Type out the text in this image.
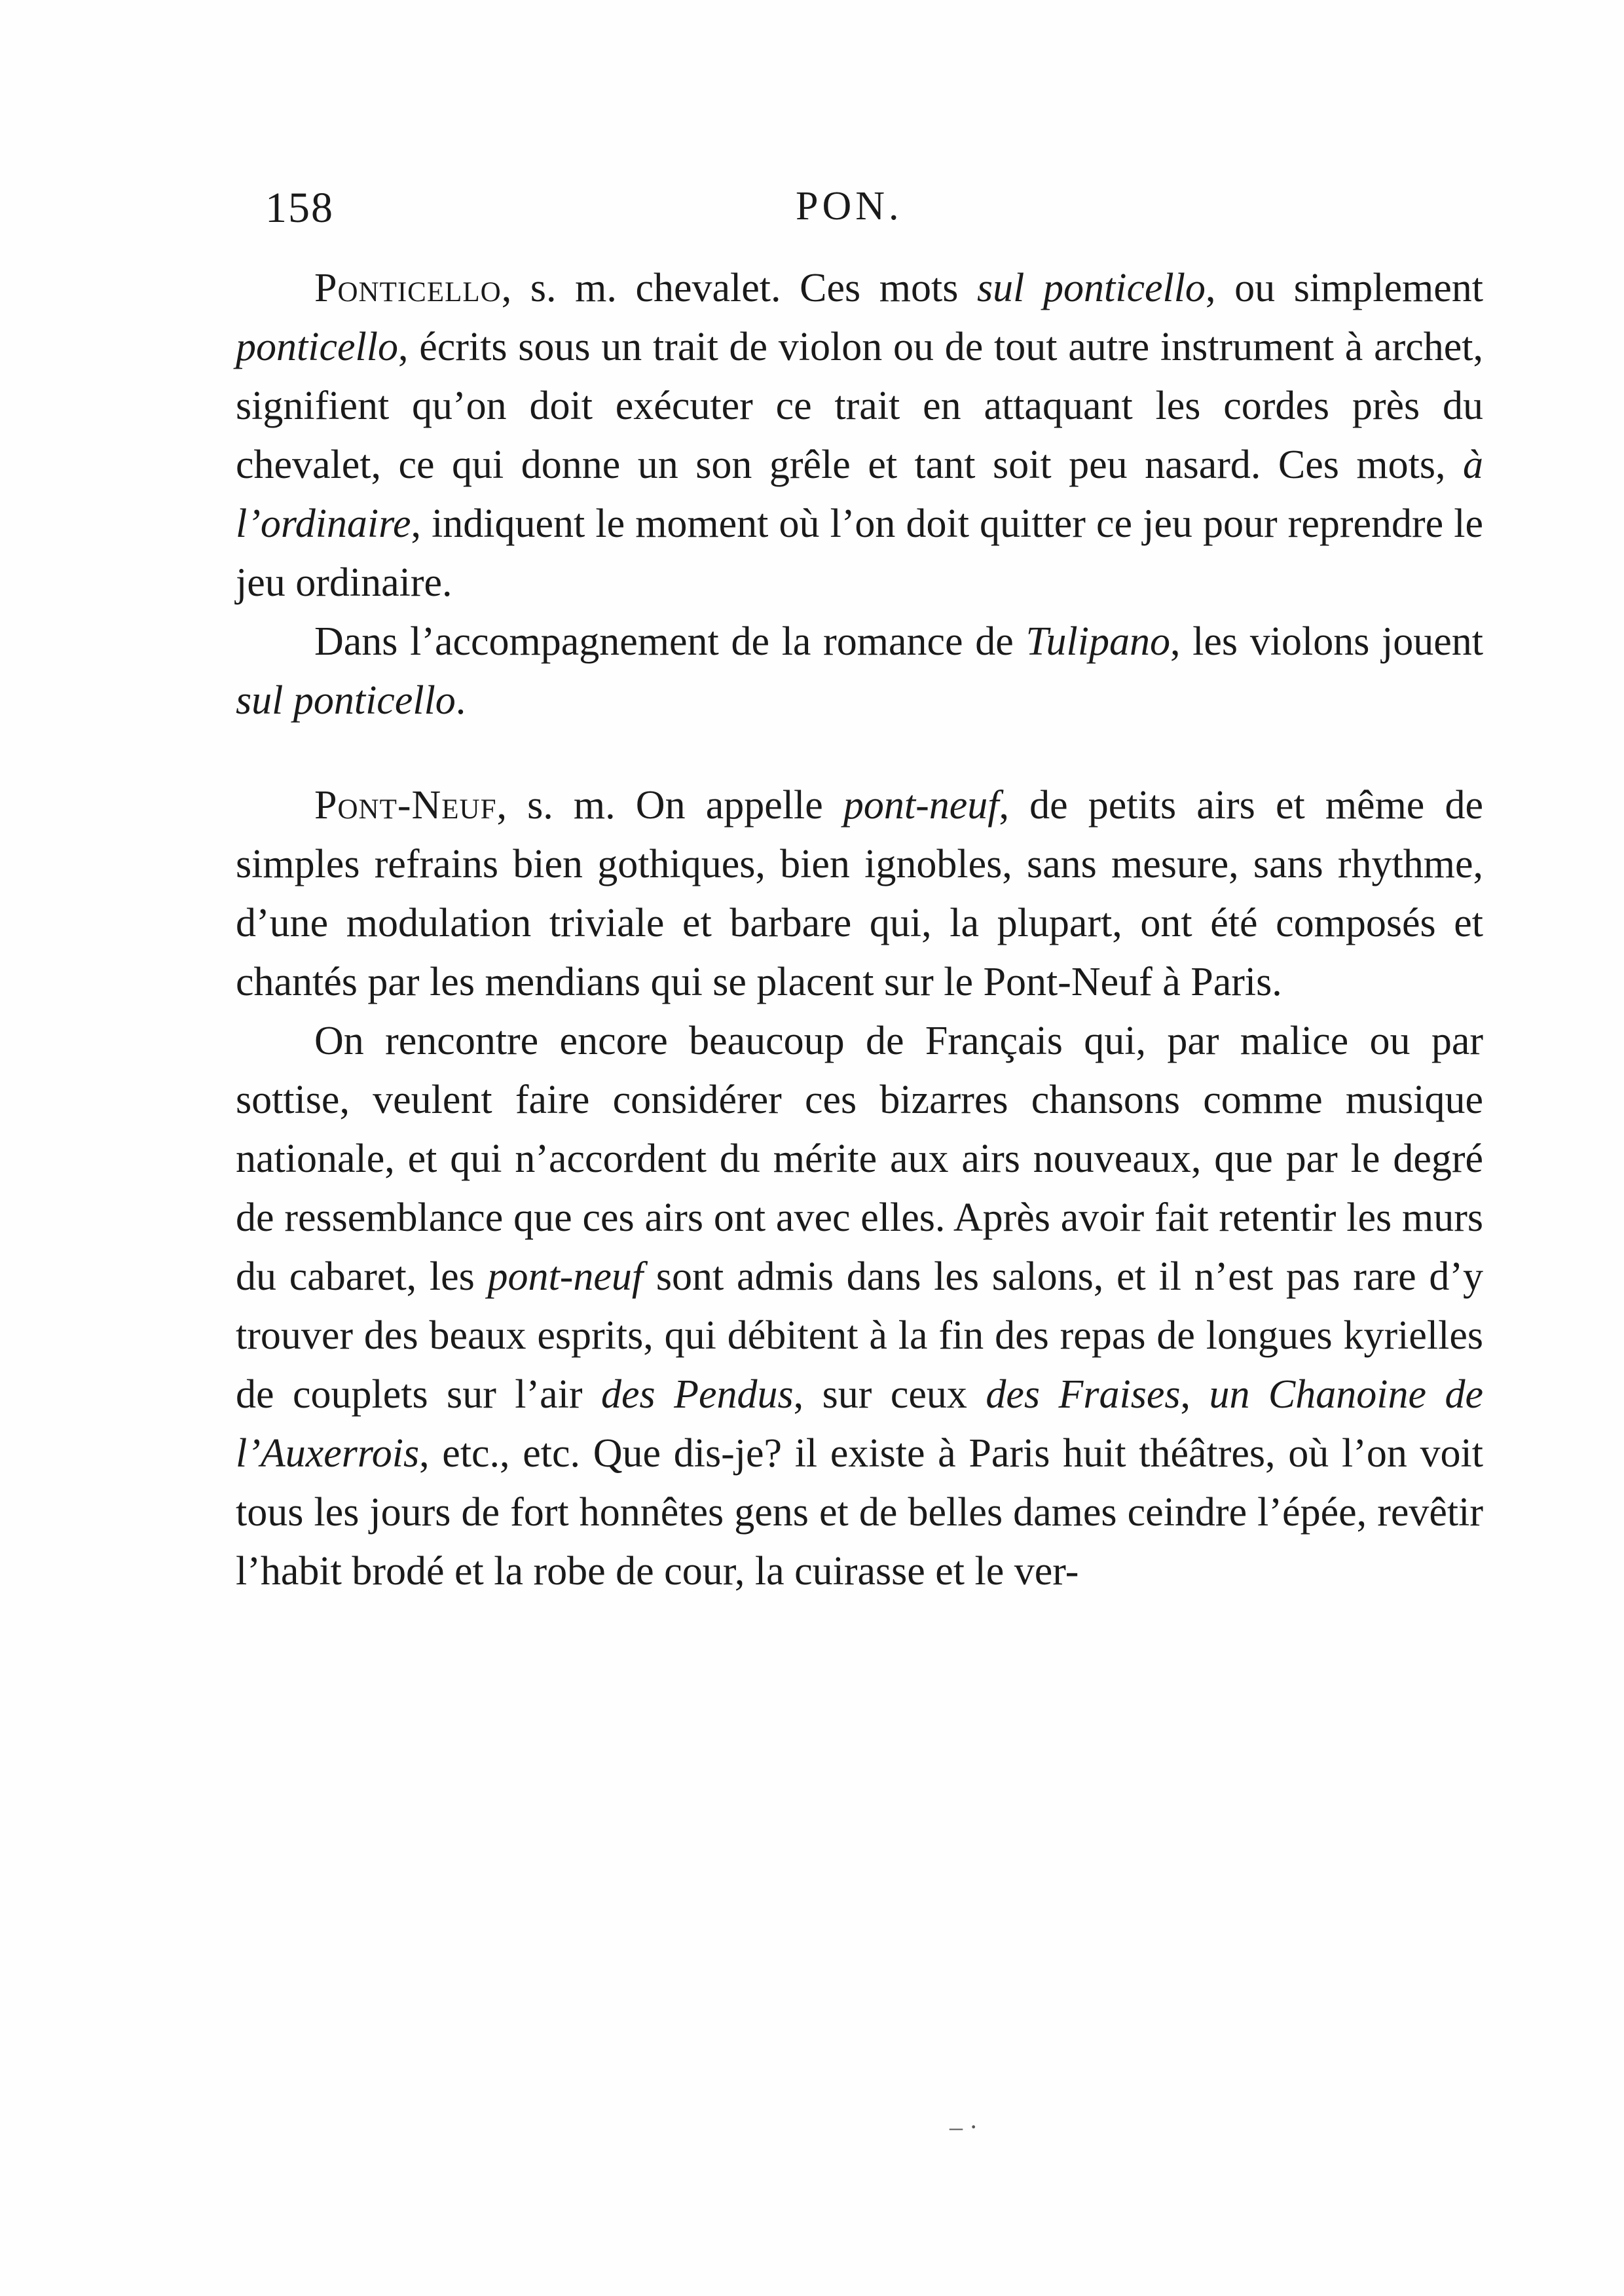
158	PON.

Ponticello, s. m. chevalet. Ces mots sul ponticello, ou simplement ponticello, écrits sous un trait de violon ou de tout autre instrument à archet, signifient qu’on doit exécuter ce trait en attaquant les cordes près du chevalet, ce qui donne un son grêle et tant soit peu nasard. Ces mots, à l’ordinaire, indiquent le moment où l’on doit quitter ce jeu pour reprendre le jeu ordinaire.

Dans l’accompagnement de la romance de Tulipano, les violons jouent sul ponticello.

Pont-Neuf, s. m. On appelle pont-neuf, de petits airs et même de simples refrains bien gothiques, bien ignobles, sans mesure, sans rhythme, d’une modulation triviale et barbare qui, la plupart, ont été composés et chantés par les mendians qui se placent sur le Pont-Neuf à Paris.

On rencontre encore beaucoup de Français qui, par malice ou par sottise, veulent faire considérer ces bizarres chansons comme musique nationale, et qui n’accordent du mérite aux airs nouveaux, que par le degré de ressemblance que ces airs ont avec elles. Après avoir fait retentir les murs du cabaret, les pont-neuf sont admis dans les salons, et il n’est pas rare d’y trouver des beaux esprits, qui débitent à la fin des repas de longues kyrielles de couplets sur l’air des Pendus, sur ceux des Fraises, un Chanoine de l’Auxerrois, etc., etc. Que dis-je? il existe à Paris huit théâtres, où l’on voit tous les jours de fort honnêtes gens et de belles dames ceindre l’épée, revêtir l’habit brodé et la robe de cour, la cuirasse et le ver-

– ·
